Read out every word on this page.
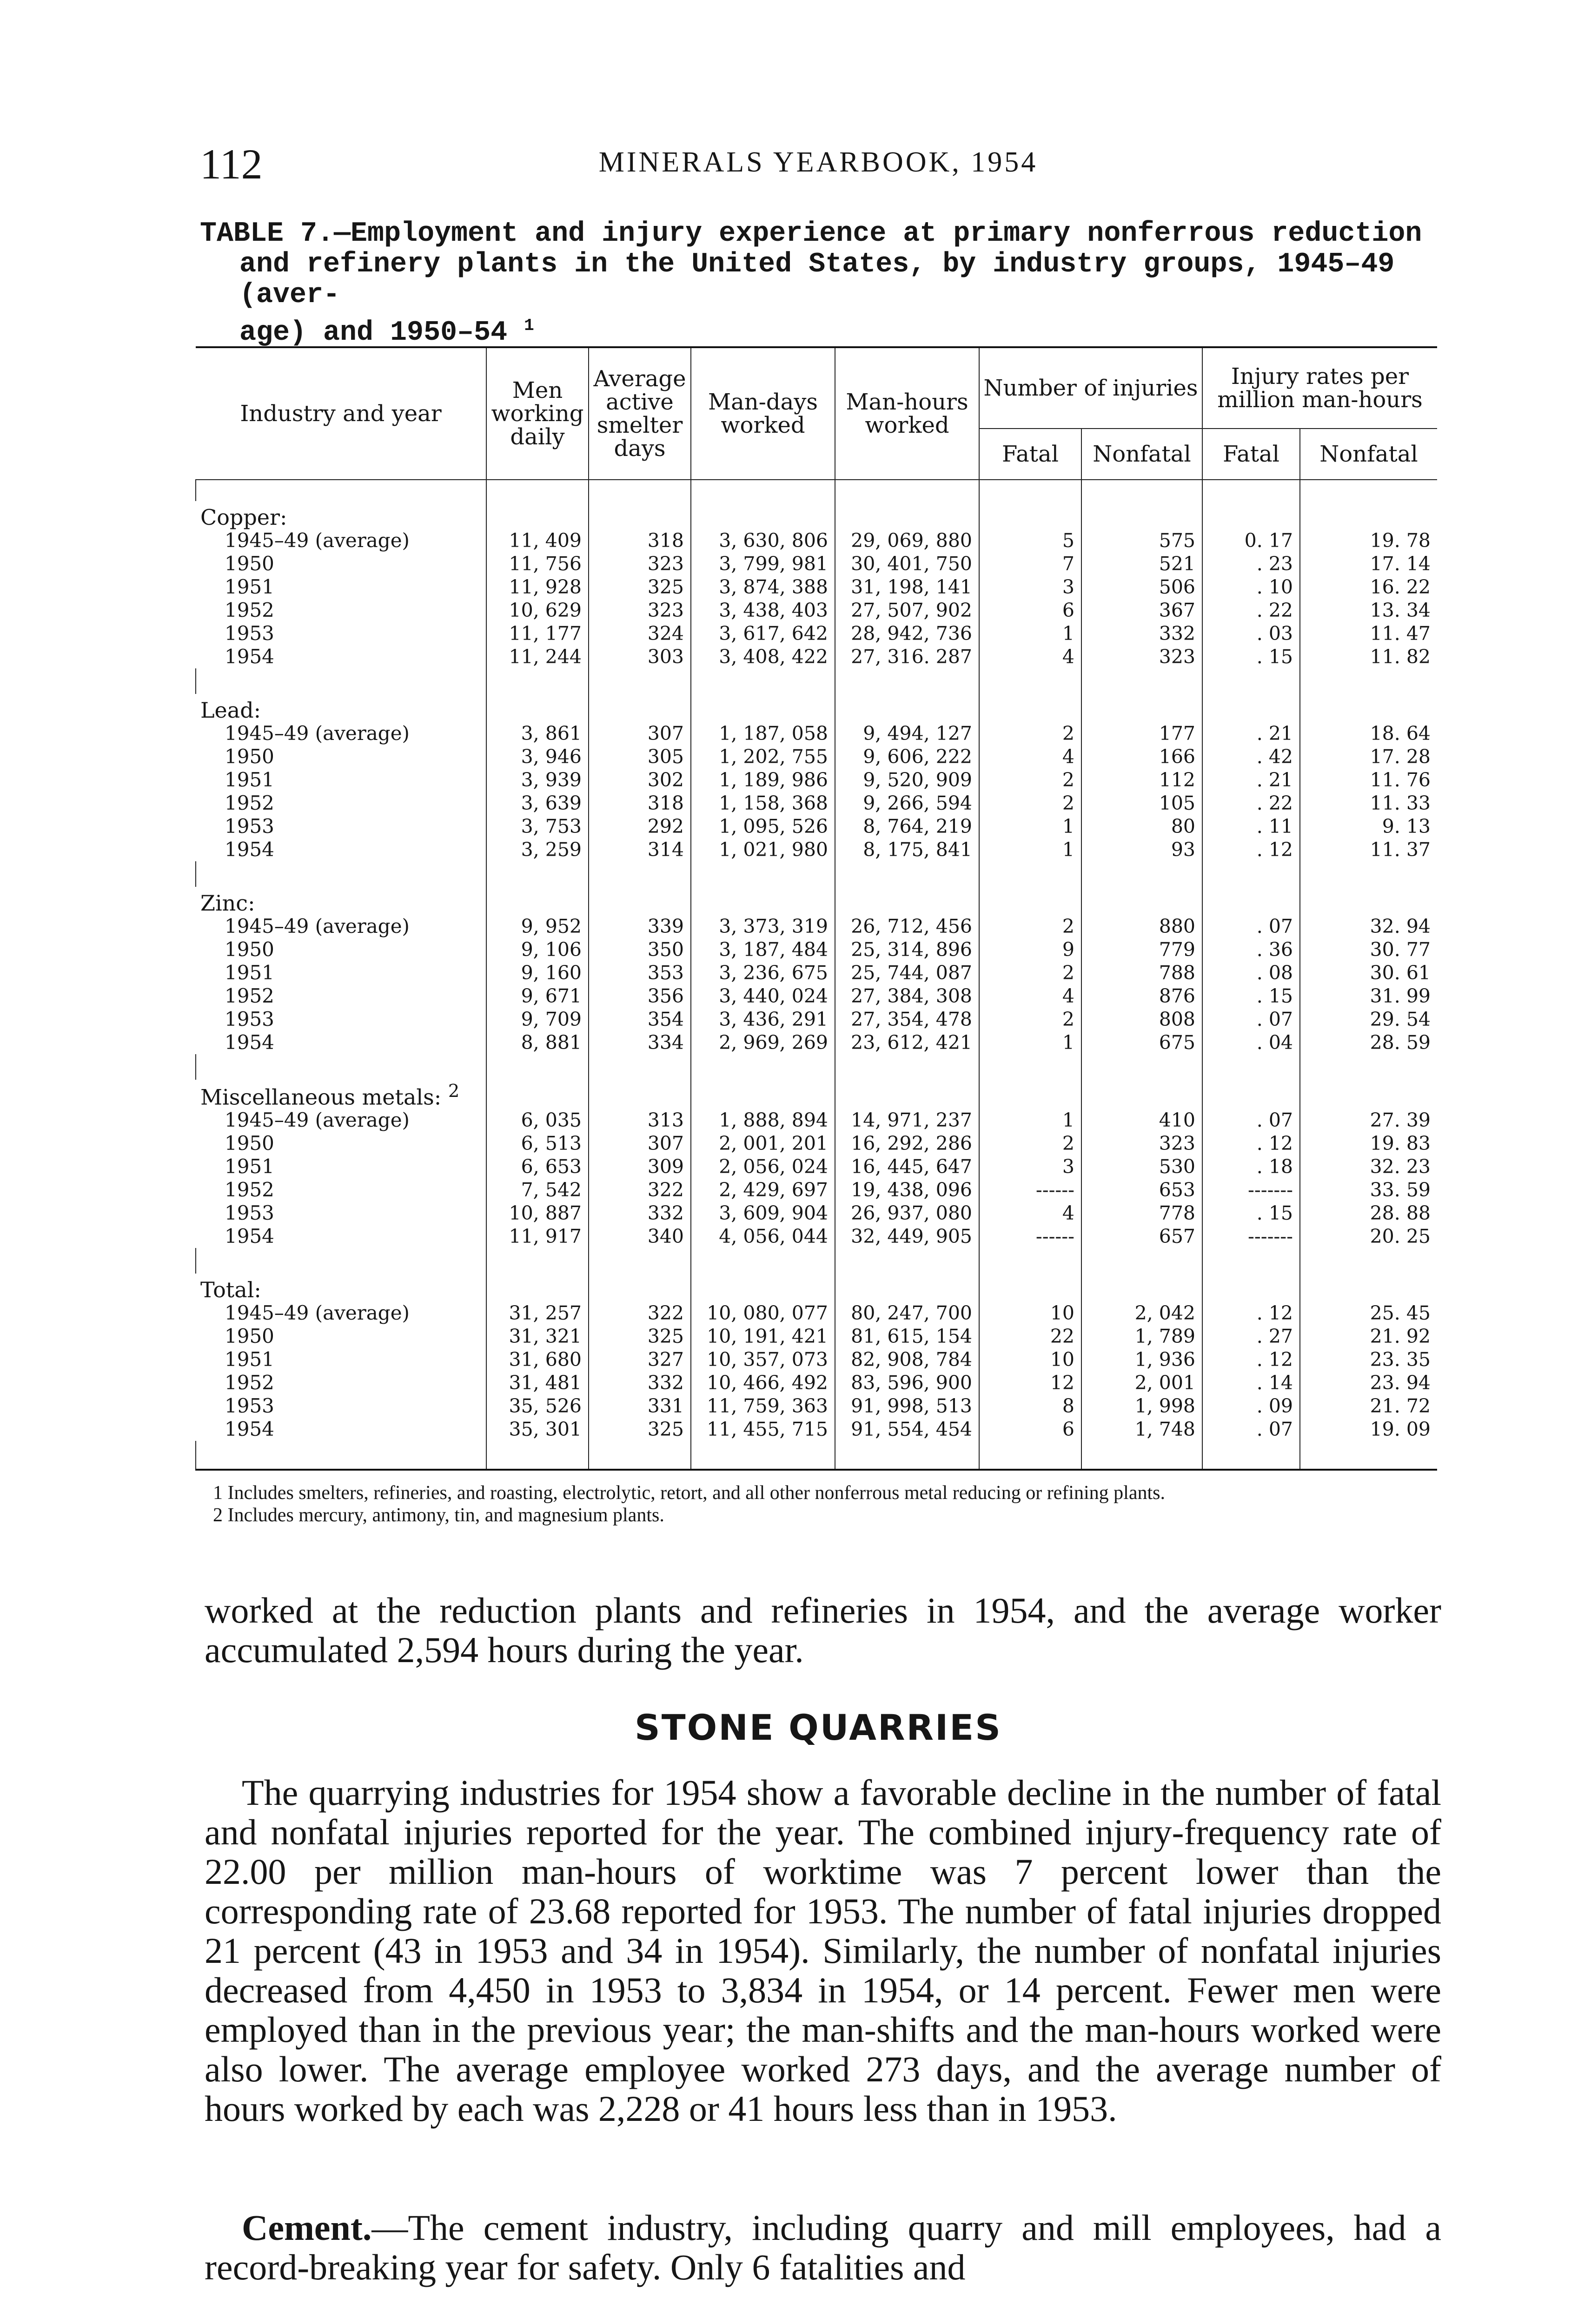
112	MINERALS YEARBOOK, 1954

TABLE 7.—Employment and injury experience at primary nonferrous reduction

and refinery plants in the United States, by industry groups, 1945–49 (aver-
age) and 1950–54 $^1$

Industry and year	Men working daily	Average active smelter days	Man-days worked	Man-hours worked	Number of injuries		Injury rates per million man-hours	
					Fatal	Nonfatal	Fatal	Nonfatal

Copper:								
1945–49 (average)	11, 409	318	3, 630, 806	29, 069, 880	5	575	0. 17	19. 78
1950	11, 756	323	3, 799, 981	30, 401, 750	7	521	. 23	17. 14
1951	11, 928	325	3, 874, 388	31, 198, 141	3	506	. 10	16. 22
1952	10, 629	323	3, 438, 403	27, 507, 902	6	367	. 22	13. 34
1953	11, 177	324	3, 617, 642	28, 942, 736	1	332	. 03	11. 47
1954	11, 244	303	3, 408, 422	27, 316. 287	4	323	. 15	11. 82

Lead:								
1945–49 (average)	3, 861	307	1, 187, 058	9, 494, 127	2	177	. 21	18. 64
1950	3, 946	305	1, 202, 755	9, 606, 222	4	166	. 42	17. 28
1951	3, 939	302	1, 189, 986	9, 520, 909	2	112	. 21	11. 76
1952	3, 639	318	1, 158, 368	9, 266, 594	2	105	. 22	11. 33
1953	3, 753	292	1, 095, 526	8, 764, 219	1	80	. 11	9. 13
1954	3, 259	314	1, 021, 980	8, 175, 841	1	93	. 12	11. 37

Zinc:								
1945–49 (average)	9, 952	339	3, 373, 319	26, 712, 456	2	880	. 07	32. 94
1950	9, 106	350	3, 187, 484	25, 314, 896	9	779	. 36	30. 77
1951	9, 160	353	3, 236, 675	25, 744, 087	2	788	. 08	30. 61
1952	9, 671	356	3, 440, 024	27, 384, 308	4	876	. 15	31. 99
1953	9, 709	354	3, 436, 291	27, 354, 478	2	808	. 07	29. 54
1954	8, 881	334	2, 969, 269	23, 612, 421	1	675	. 04	28. 59

Miscellaneous metals: $^2$								
1945–49 (average)	6, 035	313	1, 888, 894	14, 971, 237	1	410	. 07	27. 39
1950	6, 513	307	2, 001, 201	16, 292, 286	2	323	. 12	19. 83
1951	6, 653	309	2, 056, 024	16, 445, 647	3	530	. 18	32. 23
1952	7, 542	322	2, 429, 697	19, 438, 096	------	653	-------	33. 59
1953	10, 887	332	3, 609, 904	26, 937, 080	4	778	. 15	28. 88
1954	11, 917	340	4, 056, 044	32, 449, 905	------	657	-------	20. 25

Total:								
1945–49 (average)	31, 257	322	10, 080, 077	80, 247, 700	10	2, 042	. 12	25. 45
1950	31, 321	325	10, 191, 421	81, 615, 154	22	1, 789	. 27	21. 92
1951	31, 680	327	10, 357, 073	82, 908, 784	10	1, 936	. 12	23. 35
1952	31, 481	332	10, 466, 492	83, 596, 900	12	2, 001	. 14	23. 94
1953	35, 526	331	11, 759, 363	91, 998, 513	8	1, 998	. 09	21. 72
1954	35, 301	325	11, 455, 715	91, 554, 454	6	1, 748	. 07	19. 09

1 Includes smelters, refineries, and roasting, electrolytic, retort, and all other nonferrous metal reducing or refining plants.

2 Includes mercury, antimony, tin, and magnesium plants.

worked at the reduction plants and refineries in 1954, and the average worker accumulated 2,594 hours during the year.

STONE QUARRIES

The quarrying industries for 1954 show a favorable decline in the number of fatal and nonfatal injuries reported for the year. The combined injury-frequency rate of 22.00 per million man-hours of worktime was 7 percent lower than the corresponding rate of 23.68 reported for 1953. The number of fatal injuries dropped 21 percent (43 in 1953 and 34 in 1954). Similarly, the number of nonfatal injuries decreased from 4,450 in 1953 to 3,834 in 1954, or 14 percent. Fewer men were employed than in the previous year; the man-shifts and the man-hours worked were also lower. The average employee worked 273 days, and the average number of hours worked by each was 2,228 or 41 hours less than in 1953.

Cement.—The cement industry, including quarry and mill employees, had a record-breaking year for safety. Only 6 fatalities and
